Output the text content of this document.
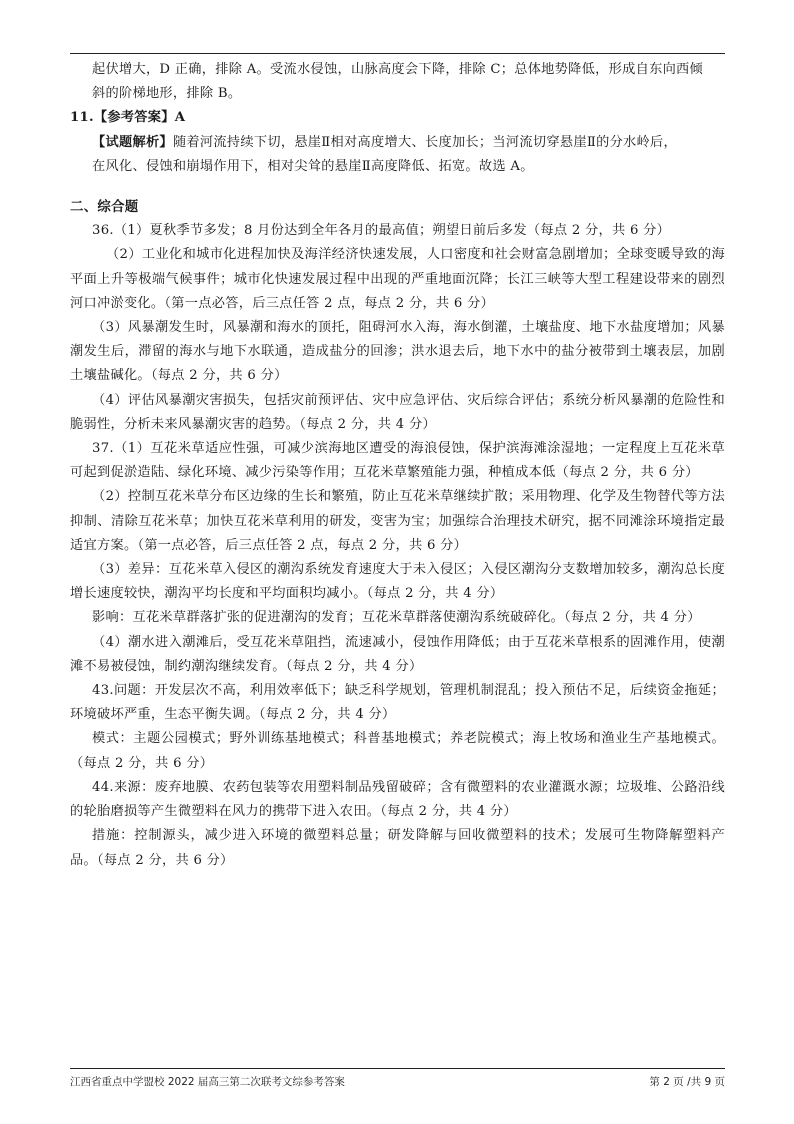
起伏增大，D 正确，排除 A。受流水侵蚀，山脉高度会下降，排除 C；总体地势降低，形成自东向西倾

斜的阶梯地形，排除 B。

11.【参考答案】A

【试题解析】随着河流持续下切，悬崖Ⅱ相对高度增大、长度加长；当河流切穿悬崖Ⅱ的分水岭后，

在风化、侵蚀和崩塌作用下，相对尖耸的悬崖Ⅱ高度降低、拓宽。故选 A。

二、综合题

36.（1）夏秋季节多发；8 月份达到全年各月的最高值；朔望日前后多发（每点 2 分，共 6 分）

（2）工业化和城市化进程加快及海洋经济快速发展，人口密度和社会财富急剧增加；全球变暖导致的海平面上升等极端气候事件；城市化快速发展过程中出现的严重地面沉降；长江三峡等大型工程建设带来的剧烈河口冲淤变化。（第一点必答，后三点任答 2 点，每点 2 分，共 6 分）

（3）风暴潮发生时，风暴潮和海水的顶托，阻碍河水入海，海水倒灌，土壤盐度、地下水盐度增加；风暴潮发生后，滞留的海水与地下水联通，造成盐分的回渗；洪水退去后，地下水中的盐分被带到土壤表层，加剧土壤盐碱化。（每点 2 分，共 6 分）

（4）评估风暴潮灾害损失，包括灾前预评估、灾中应急评估、灾后综合评估；系统分析风暴潮的危险性和脆弱性，分析未来风暴潮灾害的趋势。（每点 2 分，共 4 分）

37.（1）互花米草适应性强，可减少滨海地区遭受的海浪侵蚀，保护滨海滩涂湿地；一定程度上互花米草可起到促淤造陆、绿化环境、减少污染等作用；互花米草繁殖能力强，种植成本低（每点 2 分，共 6 分）

（2）控制互花米草分布区边缘的生长和繁殖，防止互花米草继续扩散；采用物理、化学及生物替代等方法抑制、清除互花米草；加快互花米草利用的研发，变害为宝；加强综合治理技术研究，据不同滩涂环境指定最适宜方案。（第一点必答，后三点任答 2 点，每点 2 分，共 6 分）

（3）差异：互花米草入侵区的潮沟系统发育速度大于未入侵区；入侵区潮沟分支数增加较多，潮沟总长度增长速度较快，潮沟平均长度和平均面积均减小。（每点 2 分，共 4 分）

影响：互花米草群落扩张的促进潮沟的发育；互花米草群落使潮沟系统破碎化。（每点 2 分，共 4 分）

（4）潮水进入潮滩后，受互花米草阻挡，流速减小，侵蚀作用降低；由于互花米草根系的固滩作用，使潮滩不易被侵蚀，制约潮沟继续发育。（每点 2 分，共 4 分）

43.问题：开发层次不高，利用效率低下；缺乏科学规划，管理机制混乱；投入预估不足，后续资金拖延；环境破坏严重，生态平衡失调。（每点 2 分，共 4 分）

模式：主题公园模式；野外训练基地模式；科普基地模式；养老院模式；海上牧场和渔业生产基地模式。（每点 2 分，共 6 分）

44.来源：废弃地膜、农药包装等农用塑料制品残留破碎；含有微塑料的农业灌溉水源；垃圾堆、公路沿线的轮胎磨损等产生微塑料在风力的携带下进入农田。（每点 2 分，共 4 分）

措施：控制源头，减少进入环境的微塑料总量；研发降解与回收微塑料的技术；发展可生物降解塑料产品。（每点 2 分，共 6 分）

江西省重点中学盟校 2022 届高三第二次联考文综参考答案	第 2 页 /共 9 页
